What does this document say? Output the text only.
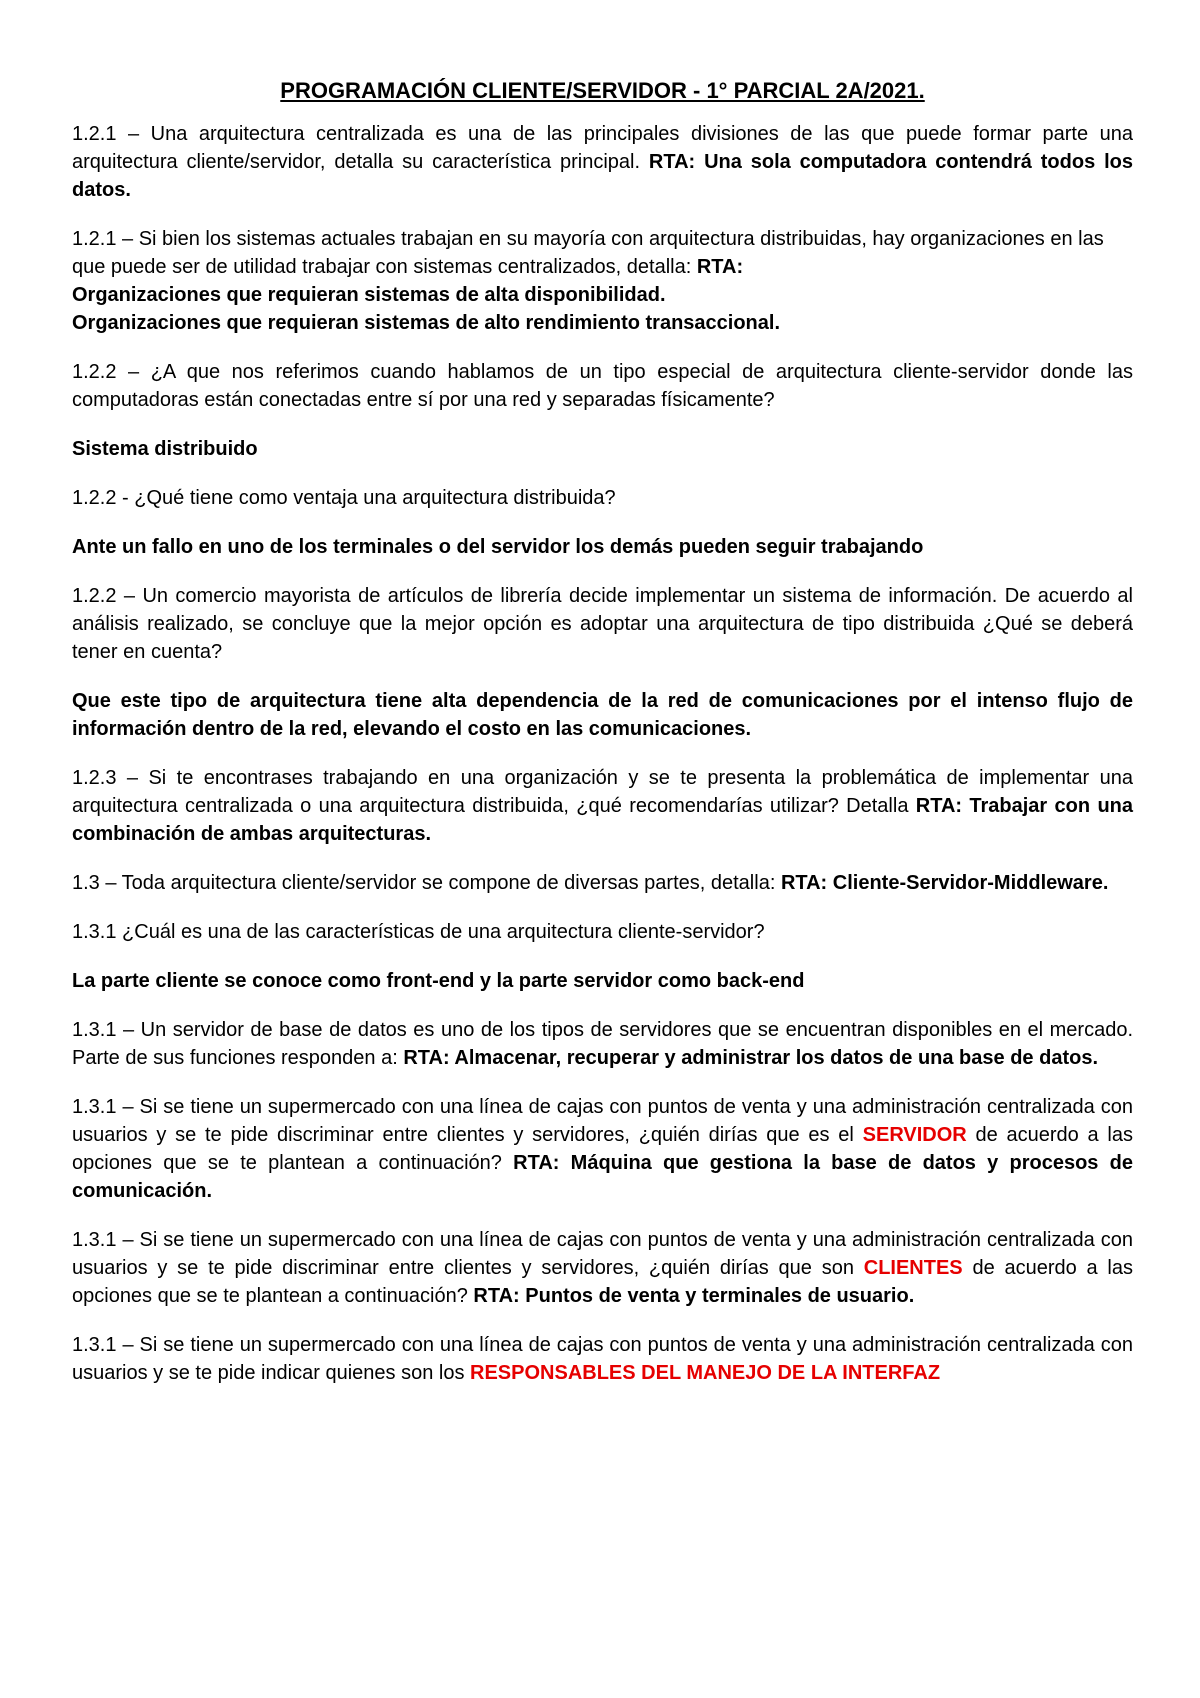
PROGRAMACIÓN CLIENTE/SERVIDOR - 1° PARCIAL 2A/2021.
1.2.1 – Una arquitectura centralizada es una de las principales divisiones de las que puede formar parte una arquitectura cliente/servidor, detalla su característica principal. RTA: Una sola computadora contendrá todos los datos.
1.2.1 – Si bien los sistemas actuales trabajan en su mayoría con arquitectura distribuidas, hay organizaciones en las que puede ser de utilidad trabajar con sistemas centralizados, detalla: RTA:
Organizaciones que requieran sistemas de alta disponibilidad.
Organizaciones que requieran sistemas de alto rendimiento transaccional.
1.2.2 – ¿A que nos referimos cuando hablamos de un tipo especial de arquitectura cliente-servidor donde las computadoras están conectadas entre sí por una red y separadas físicamente?
Sistema distribuido
1.2.2 - ¿Qué tiene como ventaja una arquitectura distribuida?
Ante un fallo en uno de los terminales o del servidor los demás pueden seguir trabajando
1.2.2 – Un comercio mayorista de artículos de librería decide implementar un sistema de información. De acuerdo al análisis realizado, se concluye que la mejor opción es adoptar una arquitectura de tipo distribuida ¿Qué se deberá tener en cuenta?
Que este tipo de arquitectura tiene alta dependencia de la red de comunicaciones por el intenso flujo de información dentro de la red, elevando el costo en las comunicaciones.
1.2.3 – Si te encontrases trabajando en una organización y se te presenta la problemática de implementar una arquitectura centralizada o una arquitectura distribuida, ¿qué recomendarías utilizar? Detalla RTA: Trabajar con una combinación de ambas arquitecturas.
1.3 – Toda arquitectura cliente/servidor se compone de diversas partes, detalla: RTA: Cliente-Servidor-Middleware.
1.3.1 ¿Cuál es una de las características de una arquitectura cliente-servidor?
La parte cliente se conoce como front-end y la parte servidor como back-end
1.3.1 – Un servidor de base de datos es uno de los tipos de servidores que se encuentran disponibles en el mercado. Parte de sus funciones responden a: RTA: Almacenar, recuperar y administrar los datos de una base de datos.
1.3.1 – Si se tiene un supermercado con una línea de cajas con puntos de venta y una administración centralizada con usuarios y se te pide discriminar entre clientes y servidores, ¿quién dirías que es el SERVIDOR de acuerdo a las opciones que se te plantean a continuación? RTA: Máquina que gestiona la base de datos y procesos de comunicación.
1.3.1 – Si se tiene un supermercado con una línea de cajas con puntos de venta y una administración centralizada con usuarios y se te pide discriminar entre clientes y servidores, ¿quién dirías que son CLIENTES de acuerdo a las opciones que se te plantean a continuación? RTA: Puntos de venta y terminales de usuario.
1.3.1 – Si se tiene un supermercado con una línea de cajas con puntos de venta y una administración centralizada con usuarios y se te pide indicar quienes son los RESPONSABLES DEL MANEJO DE LA INTERFAZ
